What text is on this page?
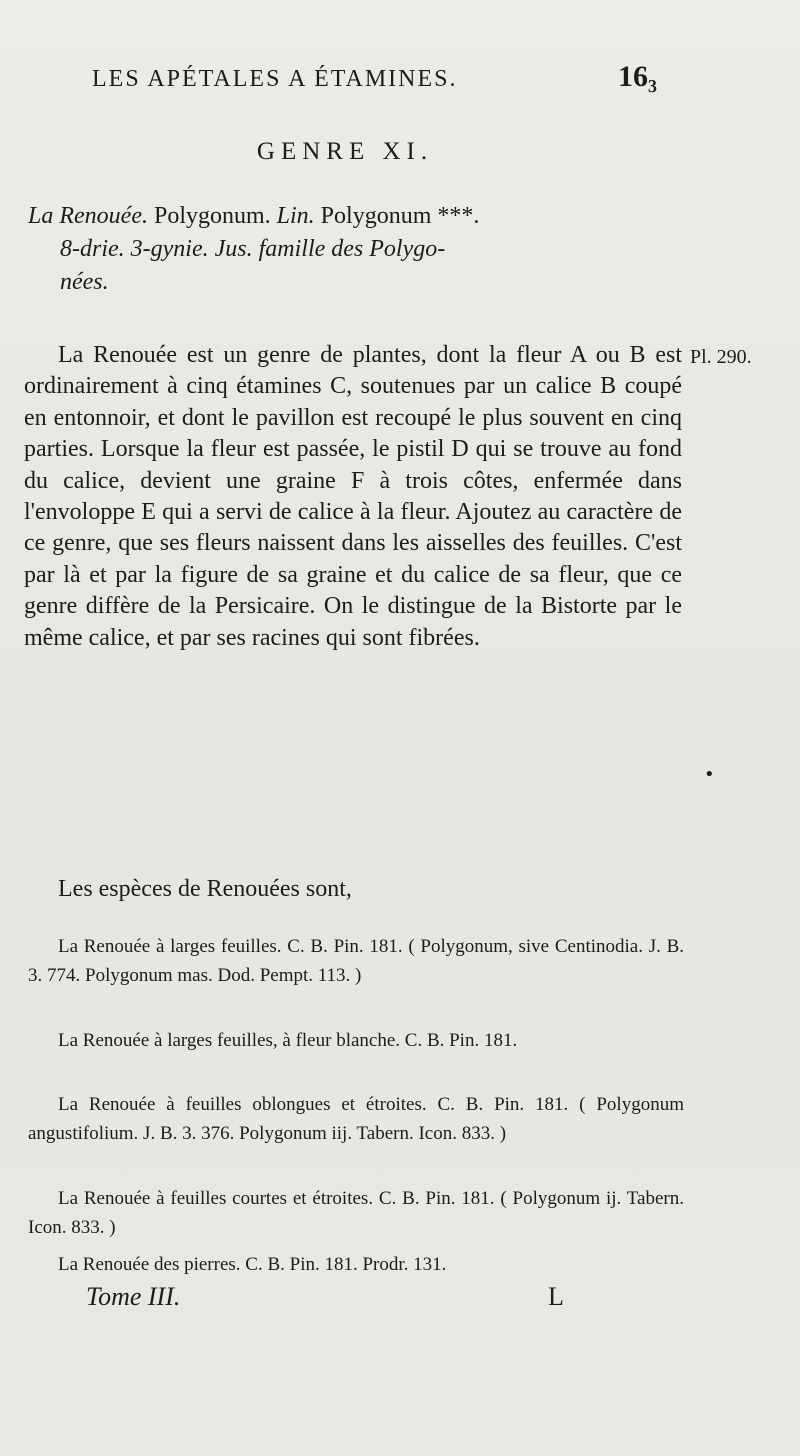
LES APÉTALES A ÉTAMINES.	16₃
GENRE XI.
La Renouée. Polygonum. Lin. Polygonum ***.
8-drie. 3-gynie. Jus. famille des Polygo-
nées.
Pl. 290.
La Renouée est un genre de plantes, dont la fleur A ou B est ordinairement à cinq étamines C, soutenues par un calice B coupé en entonnoir, et dont le pavillon est recoupé le plus souvent en cinq parties. Lorsque la fleur est passée, le pistil D qui se trouve au fond du calice, devient une graine F à trois côtes, enfermée dans l'envoloppe E qui a servi de calice à la fleur. Ajoutez au caractère de ce genre, que ses fleurs naissent dans les aisselles des feuilles. C'est par là et par la figure de sa graine et du calice de sa fleur, que ce genre diffère de la Persicaire. On le distingue de la Bistorte par le même calice, et par ses racines qui sont fibrées.
•
Les espèces de Renouées sont,
La Renouée à larges feuilles. C. B. Pin. 181. ( Polygonum, sive Centinodia. J. B. 3. 774. Polygonum mas. Dod. Pempt. 113. )
La Renouée à larges feuilles, à fleur blanche. C. B. Pin. 181.
La Renouée à feuilles oblongues et étroites. C. B. Pin. 181. ( Polygonum angustifolium. J. B. 3. 376. Polygonum iij. Tabern. Icon. 833. )
La Renouée à feuilles courtes et étroites. C. B. Pin. 181. ( Polygonum ij. Tabern. Icon. 833. )
La Renouée des pierres. C. B. Pin. 181. Prodr. 131.
Tome III.	L
